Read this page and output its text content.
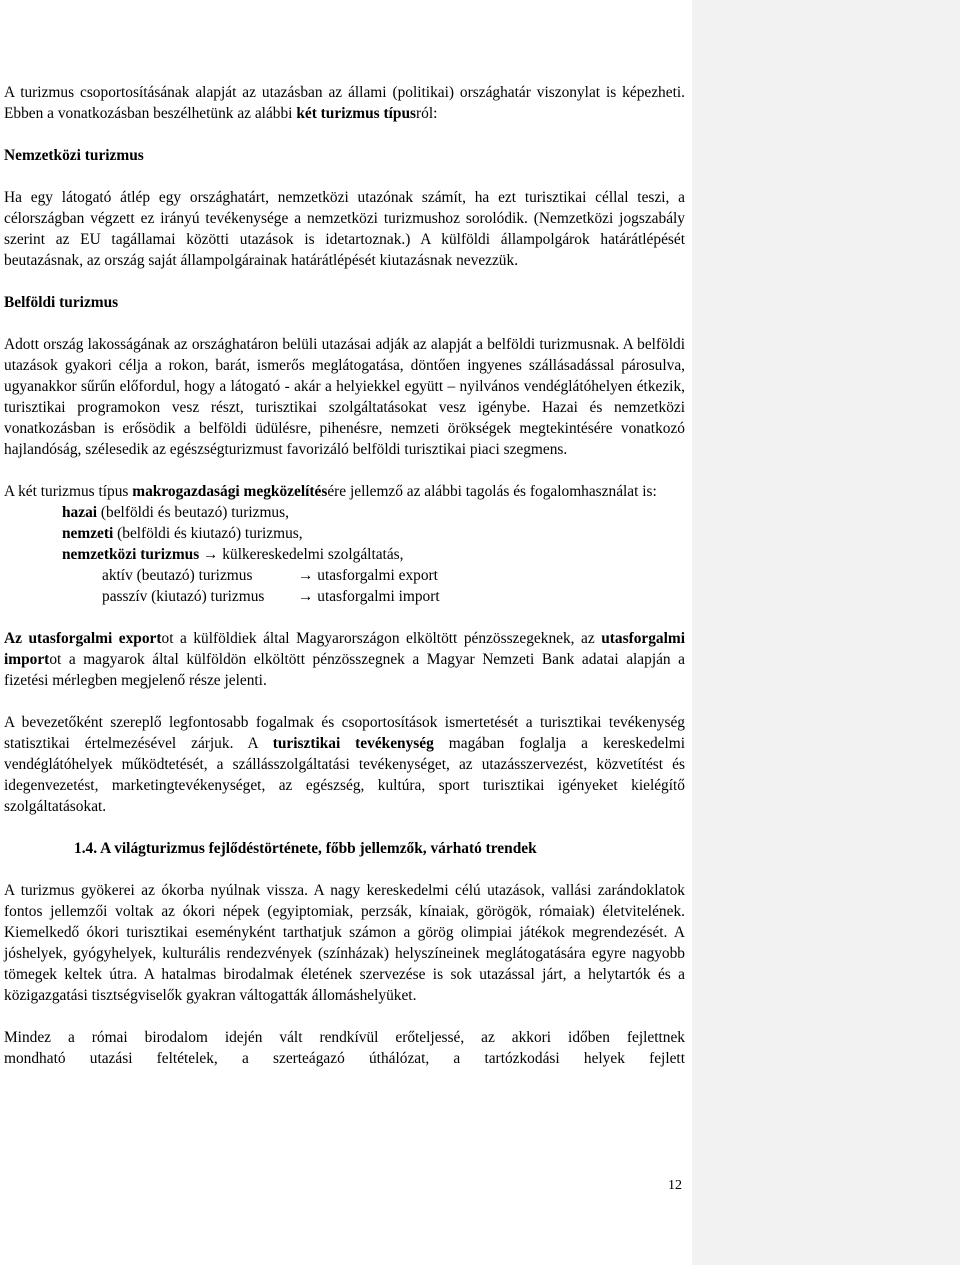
A turizmus csoportosításának alapját az utazásban az állami (politikai) országhatár viszonylat is képezheti. Ebben a vonatkozásban beszélhetünk az alábbi két turizmus típusról:

Nemzetközi turizmus

Ha egy látogató átlép egy országhatárt, nemzetközi utazónak számít, ha ezt turisztikai céllal teszi, a célországban végzett ez irányú tevékenysége a nemzetközi turizmushoz sorolódik. (Nemzetközi jogszabály szerint az EU tagállamai közötti utazások is idetartoznak.) A külföldi állampolgárok határátlépését beutazásnak, az ország saját állampolgárainak határátlépését kiutazásnak nevezzük.

Belföldi turizmus

Adott ország lakosságának az országhatáron belüli utazásai adják az alapját a belföldi turizmusnak. A belföldi utazások gyakori célja a rokon, barát, ismerős meglátogatása, döntően ingyenes szállásadással párosulva, ugyanakkor sűrűn előfordul, hogy a látogató - akár a helyiekkel együtt – nyilvános vendéglátóhelyen étkezik, turisztikai programokon vesz részt, turisztikai szolgáltatásokat vesz igénybe. Hazai és nemzetközi vonatkozásban is erősödik a belföldi üdülésre, pihenésre, nemzeti örökségek megtekintésére vonatkozó hajlandóság, szélesedik az egészségturizmust favorizáló belföldi turisztikai piaci szegmens.

A két turizmus típus makrogazdasági megközelítésére jellemző az alábbi tagolás és fogalomhasználat is:

hazai (belföldi és beutazó) turizmus,

nemzeti (belföldi és kiutazó) turizmus,

nemzetközi turizmus → külkereskedelmi szolgáltatás,

aktív (beutazó) turizmus	→ utasforgalmi export

passzív (kiutazó) turizmus → utasforgalmi import

Az utasforgalmi exportot a külföldiek által Magyarországon elköltött pénzösszegeknek, az utasforgalmi importot a magyarok által külföldön elköltött pénzösszegnek a Magyar Nemzeti Bank adatai alapján a fizetési mérlegben megjelenő része jelenti.

A bevezetőként szereplő legfontosabb fogalmak és csoportosítások ismertetését a turisztikai tevékenység statisztikai értelmezésével zárjuk. A turisztikai tevékenység magában foglalja a kereskedelmi vendéglátóhelyek működtetését, a szállásszolgáltatási tevékenységet, az utazásszervezést, közvetítést és idegenvezetést, marketingtevékenységet, az egészség, kultúra, sport turisztikai igényeket kielégítő szolgáltatásokat.

1.4. A világturizmus fejlődéstörténete, főbb jellemzők, várható trendek

A turizmus gyökerei az ókorba nyúlnak vissza. A nagy kereskedelmi célú utazások, vallási zarándoklatok fontos jellemzői voltak az ókori népek (egyiptomiak, perzsák, kínaiak, görögök, rómaiak) életvitelének. Kiemelkedő ókori turisztikai eseményként tarthatjuk számon a görög olimpiai játékok megrendezését. A jóshelyek, gyógyhelyek, kulturális rendezvények (színházak) helyszíneinek meglátogatására egyre nagyobb tömegek keltek útra. A hatalmas birodalmak életének szervezése is sok utazással járt, a helytartók és a közigazgatási tisztségviselők gyakran váltogatták állomáshelyüket.

Mindez a római birodalom idején vált rendkívül erőteljessé, az akkori időben fejlettnek
mondható utazási feltételek, a szerteágazó úthálózat, a tartózkodási helyek fejlett

12
